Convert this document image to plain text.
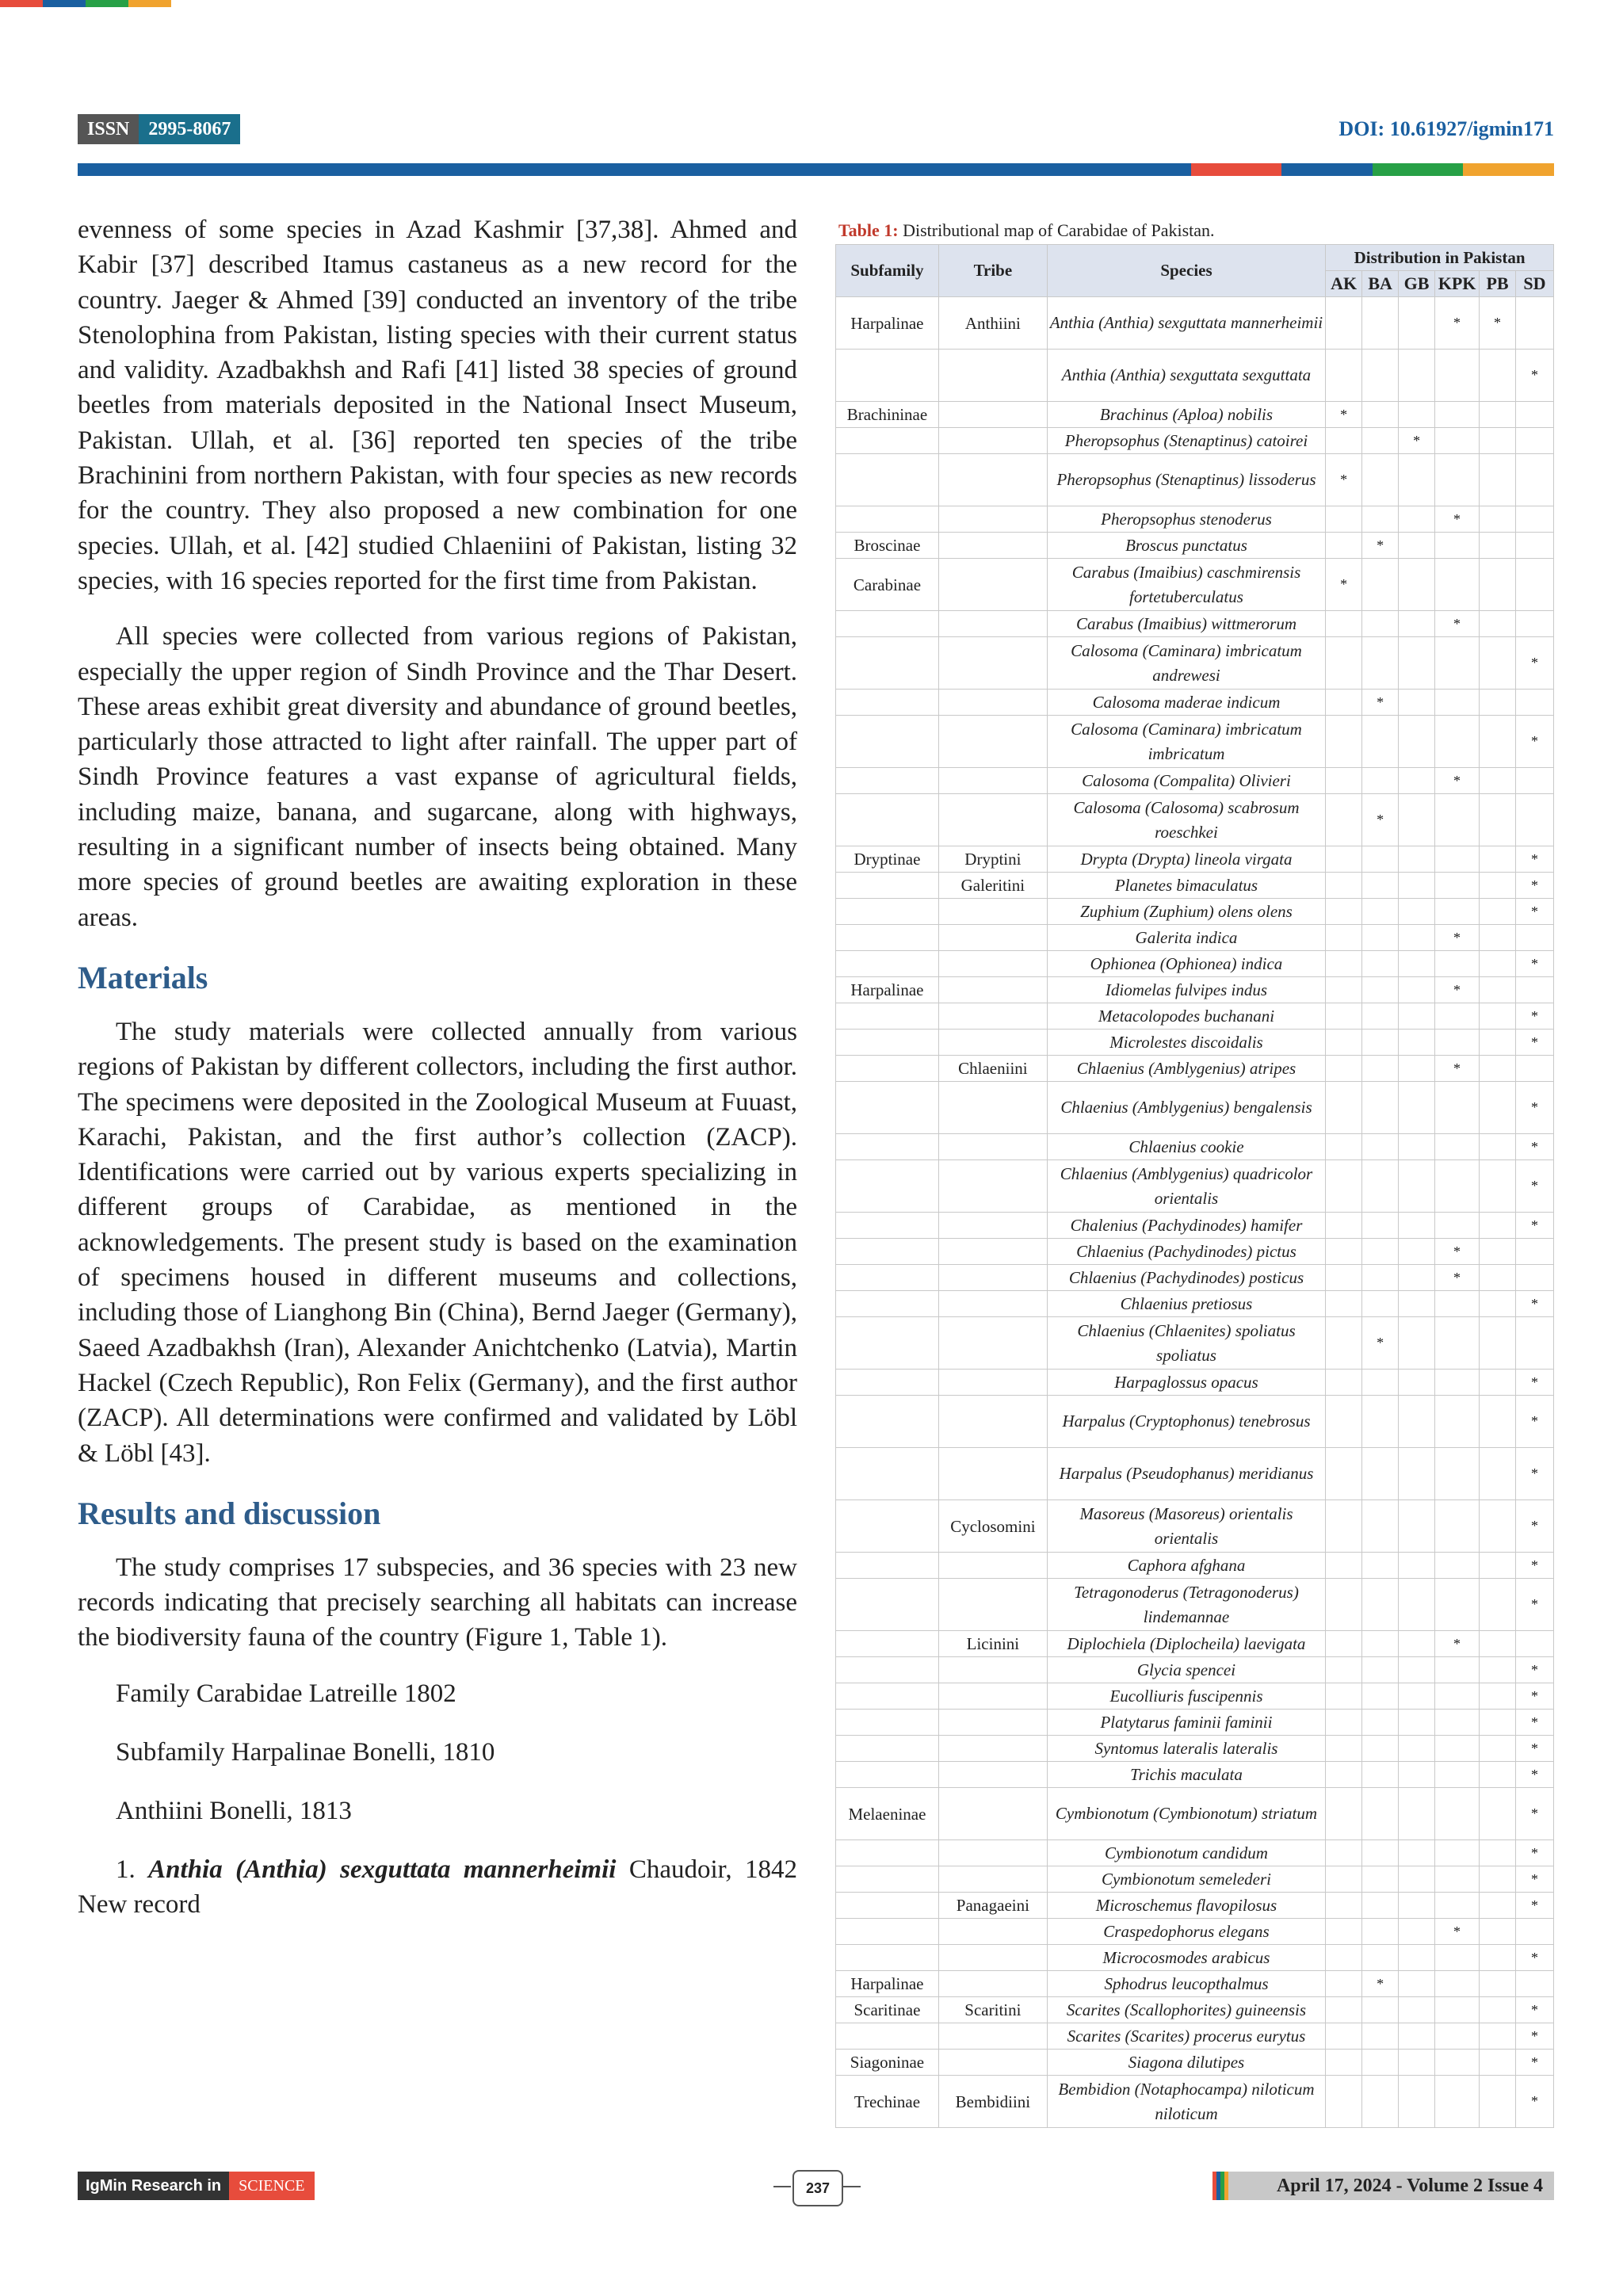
ISSN	2995-8067	DOI: 10.61927/igmin171

evenness of some species in Azad Kashmir [37,38]. Ahmed and Kabir [37] described Itamus castaneus as a new record for the country. Jaeger & Ahmed [39] conducted an inventory of the tribe Stenolophina from Pakistan, listing species with their current status and validity. Azadbakhsh and Rafi [41] listed 38 species of ground beetles from materials deposited in the National Insect Museum, Pakistan. Ullah, et al. [36] reported ten species of the tribe Brachinini from northern Pakistan, with four species as new records for the country. They also proposed a new combination for one species. Ullah, et al. [42] studied Chlaeniini of Pakistan, listing 32 species, with 16 species reported for the first time from Pakistan.

All species were collected from various regions of Pakistan, especially the upper region of Sindh Province and the Thar Desert. These areas exhibit great diversity and abundance of ground beetles, particularly those attracted to light after rainfall. The upper part of Sindh Province features a vast expanse of agricultural fields, including maize, banana, and sugarcane, along with highways, resulting in a significant number of insects being obtained. Many more species of ground beetles are awaiting exploration in these areas.

Materials

The study materials were collected annually from various regions of Pakistan by different collectors, including the first author. The specimens were deposited in the Zoological Museum at Fuuast, Karachi, Pakistan, and the first author’s collection (ZACP). Identifications were carried out by various experts specializing in different groups of Carabidae, as mentioned in the acknowledgements. The present study is based on the examination of specimens housed in different museums and collections, including those of Lianghong Bin (China), Bernd Jaeger (Germany), Saeed Azadbakhsh (Iran), Alexander Anichtchenko (Latvia), Martin Hackel (Czech Republic), Ron Felix (Germany), and the first author (ZACP). All determinations were confirmed and validated by Löbl & Löbl [43].

Results and discussion

The study comprises 17 subspecies, and 36 species with 23 new records indicating that precisely searching all habitats can increase the biodiversity fauna of the country (Figure 1, Table 1).

Family Carabidae Latreille 1802
Subfamily Harpalinae Bonelli, 1810
Anthiini Bonelli, 1813
1. Anthia (Anthia) sexguttata mannerheimii Chaudoir, 1842 New record
Table 1: Distributional map of Carabidae of Pakistan.
Subfamily	Tribe	Species	Distribution in Pakistan					
			AK	BA	GB	KPK	PB	SD
Harpalinae	Anthiini	Anthia (Anthia) sexguttata mannerheimii				*	*	
		Anthia (Anthia) sexguttata sexguttata						*
Brachininae		Brachinus (Aploa) nobilis	*					
		Pheropsophus (Stenaptinus) catoirei			*			
		Pheropsophus (Stenaptinus) lissoderus	*					
		Pheropsophus stenoderus				*		
Broscinae		Broscus punctatus		*				
Carabinae		Carabus (Imaibius) caschmirensis fortetuberculatus	*					
		Carabus (Imaibius) wittmerorum				*		
		Calosoma (Caminara) imbricatum andrewesi						*
		Calosoma maderae indicum		*				
		Calosoma (Caminara) imbricatum imbricatum						*
		Calosoma (Compalita) Olivieri				*		
		Calosoma (Calosoma) scabrosum roeschkei		*				
Dryptinae	Dryptini	Drypta (Drypta) lineola virgata						*
	Galeritini	Planetes bimaculatus						*
		Zuphium (Zuphium) olens olens						*
		Galerita indica				*		
		Ophionea (Ophionea) indica						*
Harpalinae		Idiomelas fulvipes indus				*		
		Metacolopodes buchanani						*
		Microlestes discoidalis						*
	Chlaeniini	Chlaenius (Amblygenius) atripes				*		
		Chlaenius (Amblygenius) bengalensis						*
		Chlaenius cookie						*
		Chlaenius (Amblygenius) quadricolor orientalis						*
		Chalenius (Pachydinodes) hamifer						*
		Chlaenius (Pachydinodes) pictus				*		
		Chlaenius (Pachydinodes) posticus				*		
		Chlaenius pretiosus						*
		Chlaenius (Chlaenites) spoliatus spoliatus		*				
		Harpaglossus opacus						*
		Harpalus (Cryptophonus) tenebrosus						*
		Harpalus (Pseudophanus) meridianus						*
	Cyclosomini	Masoreus (Masoreus) orientalis orientalis						*
		Caphora afghana						*
		Tetragonoderus (Tetragonoderus) lindemannae						*
	Licinini	Diplochiela (Diplocheila) laevigata				*		
		Glycia spencei						*
		Eucolliuris fuscipennis						*
		Platytarus faminii faminii						*
		Syntomus lateralis lateralis						*
		Trichis maculata						*
Melaeninae		Cymbionotum (Cymbionotum) striatum						*
		Cymbionotum candidum						*
		Cymbionotum semelederi						*
	Panagaeini	Microschemus flavopilosus						*
		Craspedophorus elegans				*		
		Microcosmodes arabicus						*
Harpalinae		Sphodrus leucopthalmus		*				
Scaritinae	Scaritini	Scarites (Scallophorites) guineensis						*
		Scarites (Scarites) procerus eurytus						*
Siagoninae		Siagona dilutipes						*
Trechinae	Bembidiini	Bembidion (Notaphocampa) niloticum niloticum						*
IgMin Research in	SCIENCE	237	April 17, 2024 - Volume 2 Issue 4
